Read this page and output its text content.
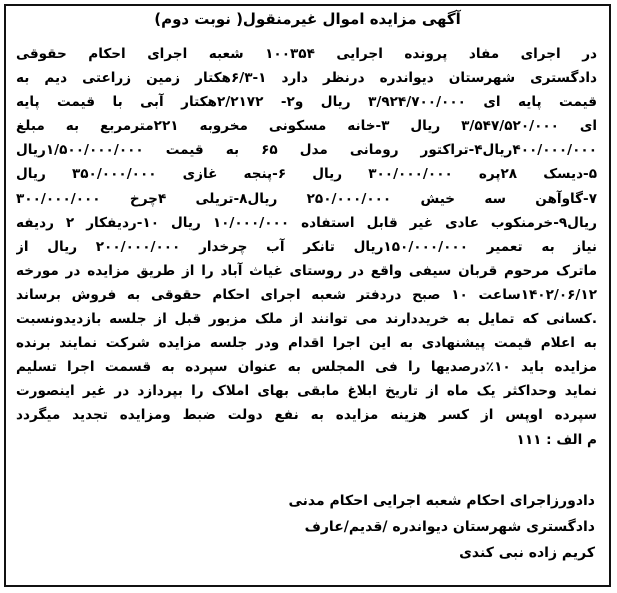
آگهی مزایده اموال غیرمنقول( نوبت دوم)
در اجرای مفاد پرونده اجرایی ۱۰۰۳۵۴ شعبه اجرای احکام حقوقی
دادگستری شهرستان دیواندره درنظر دارد ۱-۶/۳هکتار زمین زراعتی دیم به
قیمت پایه ای ۳/۹۲۴/۷۰۰/۰۰۰ ریال و۲- ۲/۲۱۷۲هکتار آبی با قیمت پایه
ای ۳/۵۴۷/۵۲۰/۰۰۰ ریال ۳-خانه مسکونی مخروبه ۲۲۱مترمربع به مبلغ
۴۰۰/۰۰۰/۰۰۰ریال۴-تراکتور رومانی مدل ۶۵ به قیمت ۱/۵۰۰/۰۰۰/۰۰۰ریال
۵-دیسک ۲۸پره ۳۰۰/۰۰۰/۰۰۰ ریال ۶-پنجه غازی ۳۵۰/۰۰۰/۰۰۰ ریال
۷-گاوآهن سه خیش ۲۵۰/۰۰۰/۰۰۰ ریال۸-تریلی ۴چرخ ۳۰۰/۰۰۰/۰۰۰
ریال۹-خرمنکوب عادی غیر قابل استفاده ۱۰/۰۰۰/۰۰۰ ریال ۱۰-ردیفکار ۲ ردیفه
نیاز به تعمیر ۱۵۰/۰۰۰/۰۰۰ریال تانکر آب چرخدار ۲۰۰/۰۰۰/۰۰۰ ریال از
ماترک مرحوم قربان سیفی واقع در روستای غیاث آباد را از طریق مزایده در مورخه
۱۴۰۲/۰۶/۱۲ساعت ۱۰ صبح دردفتر شعبه اجرای احکام حقوقی به فروش برساند
.کسانی که تمایل به خریددارند می توانند از ملک مزبور قبل از جلسه بازدیدونسبت
به اعلام قیمت پیشنهادی به این اجرا اقدام ودر جلسه مزایده شرکت نمایند برنده
مزایده باید ۱۰٪درصدیها را فی المجلس به عنوان سپرده به قسمت اجرا تسلیم
نماید وحداکثر یک ماه از تاریخ ابلاغ مابقی بهای املاک را بپردازد در غیر اینصورت
سپرده اوپس از کسر هزینه مزایده به نفع دولت ضبط ومزایده تجدید میگردد
م الف : ۱۱۱
دادورزاجرای احکام شعبه اجرایی احکام مدنی
دادگستری شهرستان دیواندره /قدیم/عارف
کریم زاده نبی کندی
